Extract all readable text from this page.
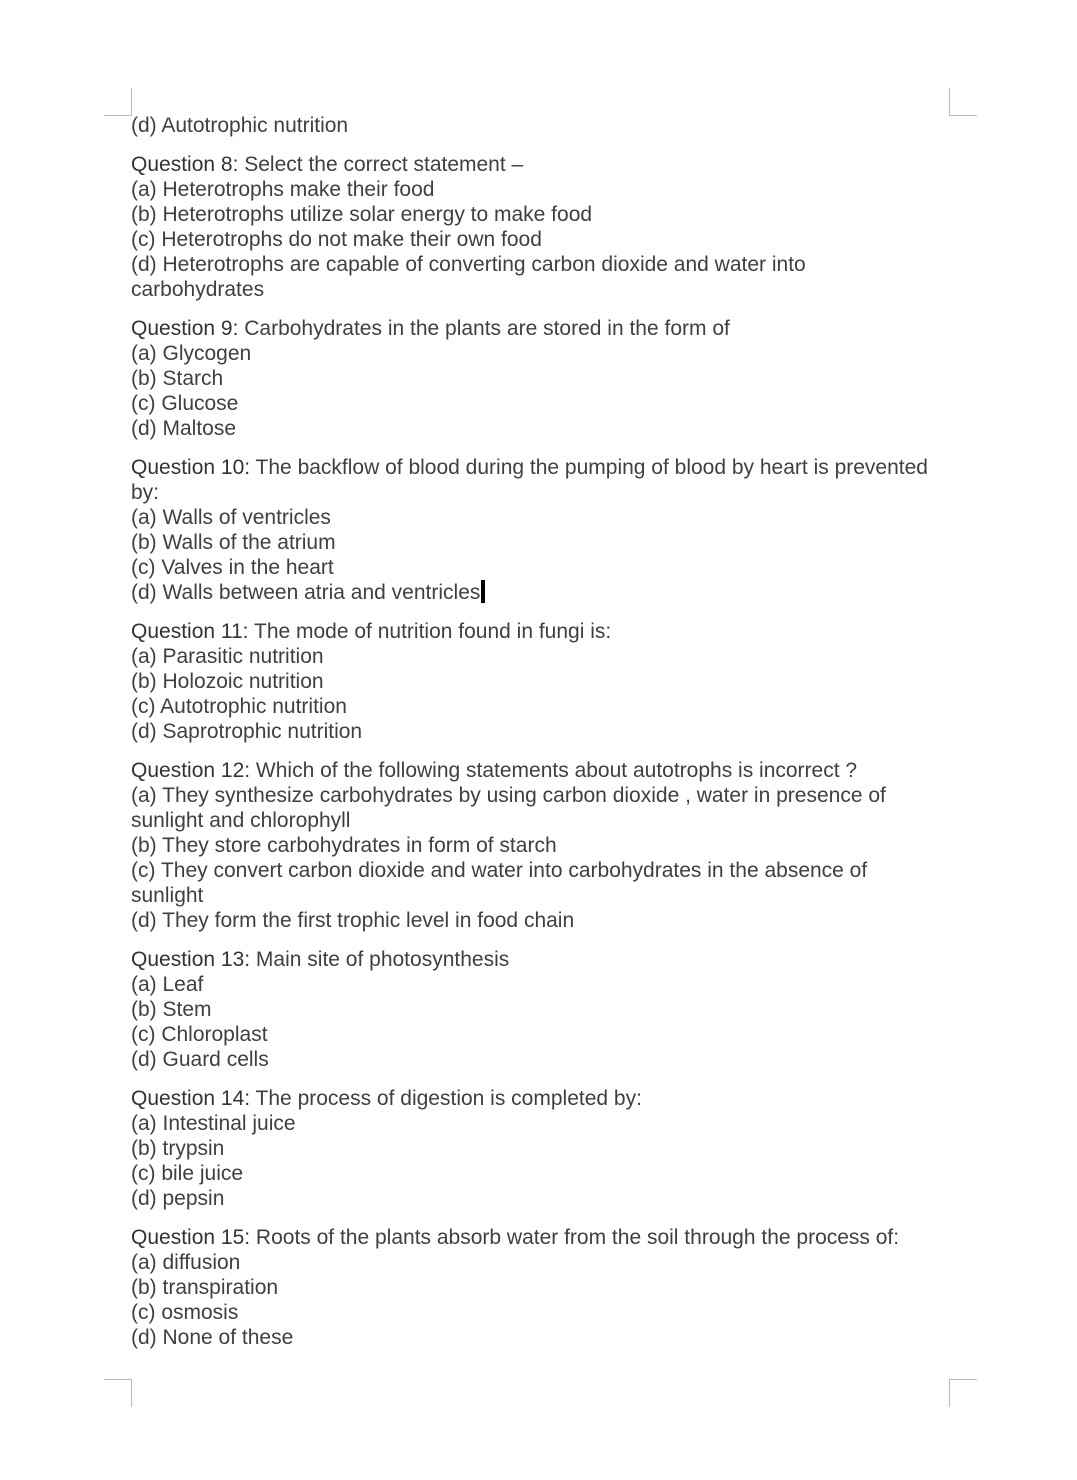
(d) Autotrophic nutrition

Question 8: Select the correct statement –

(a) Heterotrophs make their food

(b) Heterotrophs utilize solar energy to make food

(c) Heterotrophs do not make their own food

(d) Heterotrophs are capable of converting carbon dioxide and water into carbohydrates

Question 9: Carbohydrates in the plants are stored in the form of

(a) Glycogen

(b) Starch

(c) Glucose

(d) Maltose

Question 10: The backflow of blood during the pumping of blood by heart is prevented by:

(a) Walls of ventricles

(b) Walls of the atrium

(c) Valves in the heart

(d) Walls between atria and ventricles

Question 11: The mode of nutrition found in fungi is:

(a) Parasitic nutrition

(b) Holozoic nutrition

(c) Autotrophic nutrition

(d) Saprotrophic nutrition

Question 12: Which of the following statements about autotrophs is incorrect ?

(a) They synthesize carbohydrates by using carbon dioxide , water in presence of sunlight and chlorophyll

(b) They store carbohydrates in form of starch

(c) They convert carbon dioxide and water into carbohydrates in the absence of sunlight

(d) They form the first trophic level in food chain

Question 13: Main site of photosynthesis

(a) Leaf

(b) Stem

(c) Chloroplast

(d) Guard cells

Question 14: The process of digestion is completed by:

(a) Intestinal juice

(b) trypsin

(c) bile juice

(d) pepsin

Question 15: Roots of the plants absorb water from the soil through the process of:

(a) diffusion

(b) transpiration

(c) osmosis

(d) None of these
